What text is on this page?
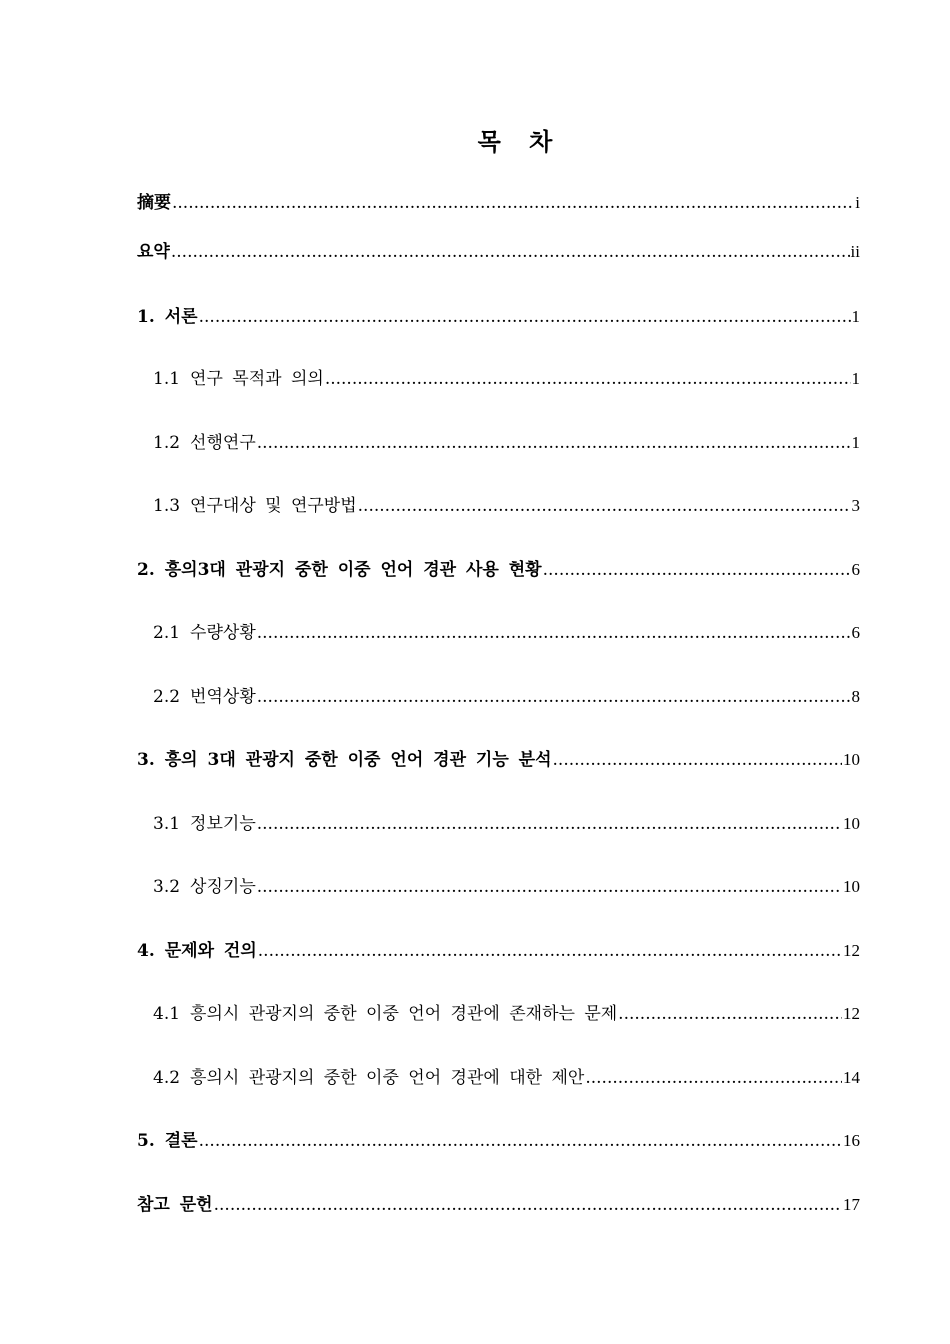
목 차
摘要 .....	i
요약 .....	ii
1. 서론 .....	1
1.1 연구 목적과 의의 .....	1
1.2 선행연구 .....	1
1.3 연구대상 및 연구방법 .....	3
2. 흥의3대 관광지 중한 이중 언어 경관 사용 현황 .....	6
2.1 수량상황 .....	6
2.2 번역상황 .....	8
3. 흥의 3대 관광지 중한 이중 언어 경관 기능 분석 .....	10
3.1 정보기능 .....	10
3.2 상징기능 .....	10
4. 문제와 건의 .....	12
4.1 흥의시 관광지의 중한 이중 언어 경관에 존재하는 문제 .....	12
4.2 흥의시 관광지의 중한 이중 언어 경관에 대한 제안 .....	14
5. 결론 .....	16
참고 문헌 .....	17
